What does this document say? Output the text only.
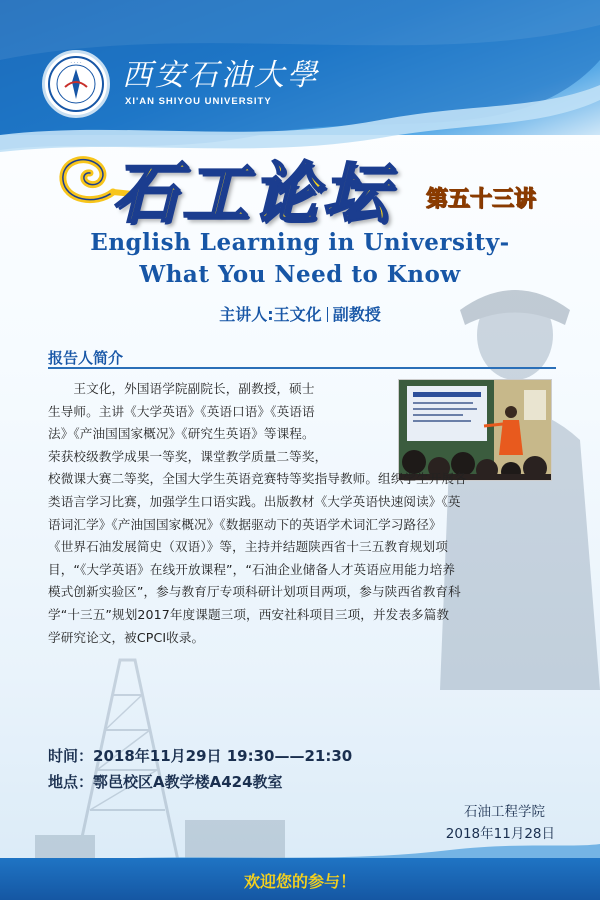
· · · · 西安石油大學
XI'AN SHIYOU UNIVERSITY
石工论坛 第五十三讲
English Learning in University-
What You Need to Know
主讲人:王文化 副教授
报告人简介
　　王文化，外国语学院副院长，副教授，硕士
生导师。主讲《大学英语》《英语口语》《英语语
法》《产油国国家概况》《研究生英语》等课程。
荣获校级教学成果一等奖，课堂教学质量二等奖，
校微课大赛二等奖，全国大学生英语竞赛特等奖指导教师。组织学生开展各
类语言学习比赛，加强学生口语实践。出版教材《大学英语快速阅读》《英
语词汇学》《产油国国家概况》《数据驱动下的英语学术词汇学习路径》
《世界石油发展简史（双语）》等，主持并结题陕西省十三五教育规划项
目，“《大学英语》在线开放课程”，“石油企业储备人才英语应用能力培养
模式创新实验区”，参与教育厅专项科研计划项目两项，参与陕西省教育科
学“十三五”规划2017年度课题三项，西安社科项目三项，并发表多篇教
学研究论文，被CPCI收录。
时间：2018年11月29日 19:30——21:30
地点：鄠邑校区A教学楼A424教室
石油工程学院
2018年11月28日
欢迎您的参与！
